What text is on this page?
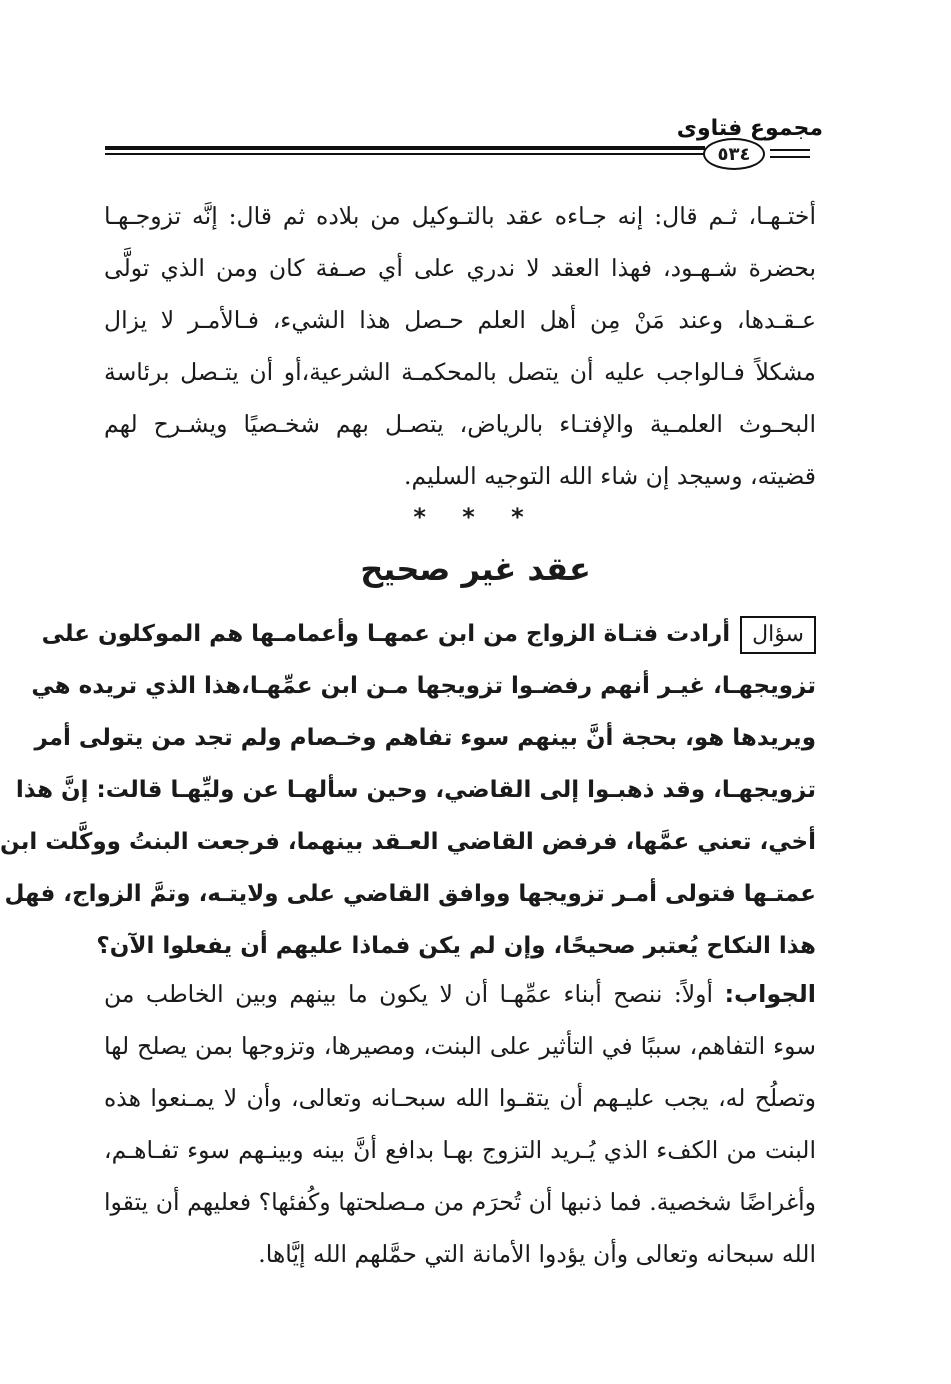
مجموع فتاوى
٥٣٤
أختـهـا، ثـم قال: إنه جـاءه عقد بالتـوكيل من بلاده ثم قال: إنَّه تزوجـهـا
بحضرة شـهـود، فهذا العقد لا ندري على أي صـفة كان ومن الذي تولَّى
عـقـدها، وعند مَنْ مِن أهل العلم حـصل هذا الشيء، فـالأمـر لا يزال
مشكلاً فـالواجب عليه أن يتصل بالمحكمـة الشرعية،أو أن يتـصل برئاسة
البحـوث العلمـية والإفتـاء بالرياض، يتصـل بهم شخـصيًا ويشـرح لهم
قضيته، وسيجد إن شاء الله التوجيه السليم.
* * *
عقد غير صحيح
سؤالأرادت فتـاة الزواج من ابن عمهـا وأعمامـها هم الموكلون على
تزويجهـا، غيـر أنهم رفضـوا تزويجها مـن ابن عمِّهـا،هذا الذي تريده هي
ويريدها هو، بحجة أنَّ بينهم سوء تفاهم وخـصام ولم تجد من يتولى أمر
تزويجهـا، وقد ذهبـوا إلى القاضي، وحين سألهـا عن وليِّهـا قالت: إنَّ هذا
أخي، تعني عمَّها، فرفض القاضي العـقد بينهما، فرجعت البنتُ ووكَّلت ابن
عمتـها فتولى أمـر تزويجها ووافق القاضي على ولايتـه، وتمَّ الزواج، فهل
هذا النكاح يُعتبر صحيحًا، وإن لم يكن فماذا عليهم أن يفعلوا الآن؟
الجواب: أولاً: ننصح أبناء عمِّهـا أن لا يكون ما بينهم وبين الخاطب من
سوء التفاهم، سببًا في التأثير على البنت، ومصيرها، وتزوجها بمن يصلح لها
وتصلُح له، يجب عليـهم أن يتقـوا الله سبحـانه وتعالى، وأن لا يمـنعوا هذه
البنت من الكفء الذي يُـريد التزوج بهـا بدافع أنَّ بينه وبينـهم سوء تفـاهـم،
وأغراضًا شخصية. فما ذنبها أن تُحرَم من مـصلحتها وكُفئها؟ فعليهم أن يتقوا
الله سبحانه وتعالى وأن يؤدوا الأمانة التي حمَّلهم الله إيَّاها.
